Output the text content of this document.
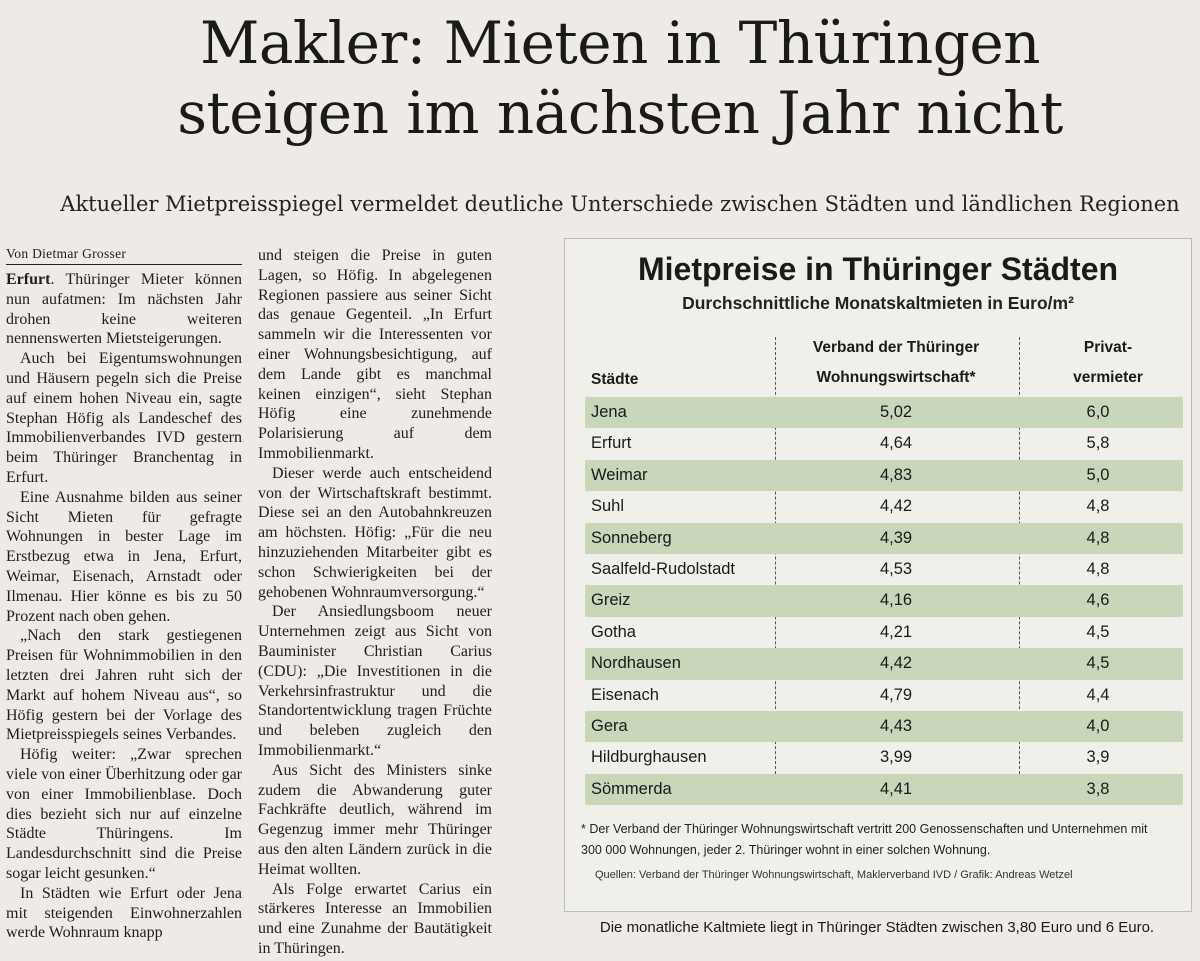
Makler: Mieten in Thüringen
steigen im nächsten Jahr nicht

Aktueller Mietpreisspiegel vermeldet deutliche Unterschiede zwischen Städten und ländlichen Regionen

Von Dietmar Grosser

Erfurt. Thüringer Mieter können nun aufatmen: Im nächsten Jahr drohen keine weiteren nennenswerten Mietsteigerungen.

Auch bei Eigentumswohnungen und Häusern pegeln sich die Preise auf einem hohen Niveau ein, sagte Stephan Höfig als Landeschef des Immobilienverbandes IVD gestern beim Thüringer Branchentag in Erfurt.

Eine Ausnahme bilden aus seiner Sicht Mieten für gefragte Wohnungen in bester Lage im Erstbezug etwa in Jena, Erfurt, Weimar, Eisenach, Arnstadt oder Ilmenau. Hier könne es bis zu 50 Prozent nach oben gehen.

„Nach den stark gestiegenen Preisen für Wohnimmobilien in den letzten drei Jahren ruht sich der Markt auf hohem Niveau aus“, so Höfig gestern bei der Vorlage des Mietpreisspiegels seines Verbandes.

Höfig weiter: „Zwar sprechen viele von einer Überhitzung oder gar von einer Immobilienblase. Doch dies bezieht sich nur auf einzelne Städte Thüringens. Im Landesdurchschnitt sind die Preise sogar leicht gesunken.“

In Städten wie Erfurt oder Jena mit steigenden Einwohnerzahlen werde Wohnraum knapp

und steigen die Preise in guten Lagen, so Höfig. In abgelegenen Regionen passiere aus seiner Sicht das genaue Gegenteil. „In Erfurt sammeln wir die Interessenten vor einer Wohnungsbesichtigung, auf dem Lande gibt es manchmal keinen einzigen“, sieht Stephan Höfig eine zunehmende Polarisierung auf dem Immobilienmarkt.

Dieser werde auch entscheidend von der Wirtschaftskraft bestimmt. Diese sei an den Autobahnkreuzen am höchsten. Höfig: „Für die neu hinzuziehenden Mitarbeiter gibt es schon Schwierigkeiten bei der gehobenen Wohnraumversorgung.“

Der Ansiedlungsboom neuer Unternehmen zeigt aus Sicht von Bauminister Christian Carius (CDU): „Die Investitionen in die Verkehrsinfrastruktur und die Standortentwicklung tragen Früchte und beleben zugleich den Immobilienmarkt.“

Aus Sicht des Ministers sinke zudem die Abwanderung guter Fachkräfte deutlich, während im Gegenzug immer mehr Thüringer aus den alten Ländern zurück in die Heimat wollten.

Als Folge erwartet Carius ein stärkeres Interesse an Immobilien und eine Zunahme der Bautätigkeit in Thüringen.

Mietpreise in Thüringer Städten
Durchschnittliche Monatskaltmieten in Euro/m²
Städte
Verband der Thüringer
Wohnungswirtschaft*
Privat-
vermieter
Jena	5,02	6,0
Erfurt	4,64	5,8
Weimar	4,83	5,0
Suhl	4,42	4,8
Sonneberg	4,39	4,8
Saalfeld-Rudolstadt	4,53	4,8
Greiz	4,16	4,6
Gotha	4,21	4,5
Nordhausen	4,42	4,5
Eisenach	4,79	4,4
Gera	4,43	4,0
Hildburghausen	3,99	3,9
Sömmerda	4,41	3,8
* Der Verband der Thüringer Wohnungswirtschaft vertritt 200 Genossenschaften und Unternehmen mit 300 000 Wohnungen, jeder 2. Thüringer wohnt in einer solchen Wohnung.
Quellen: Verband der Thüringer Wohnungswirtschaft, Maklerverband IVD / Grafik: Andreas Wetzel
Die monatliche Kaltmiete liegt in Thüringer Städten zwischen 3,80 Euro und 6 Euro.
